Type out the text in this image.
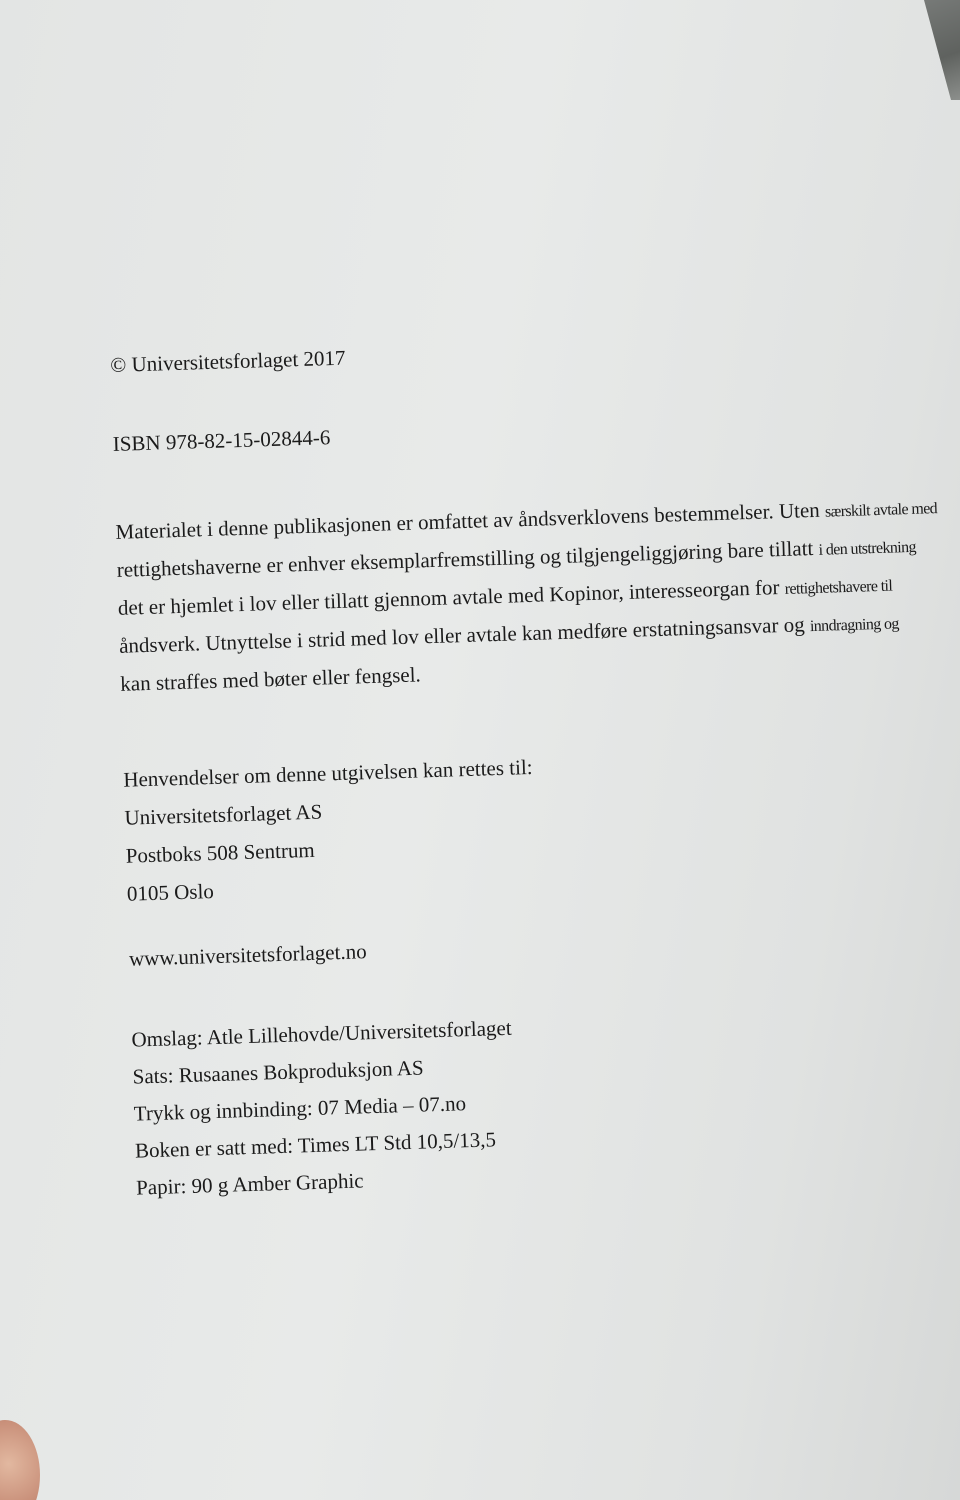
© Universitetsforlaget 2017
ISBN 978-82-15-02844-6
Materialet i denne publikasjonen er omfattet av åndsverklovens bestemmelser. Uten særskilt avtale med
rettighetshaverne er enhver eksemplarfremstilling og tilgjengeliggjøring bare tillatt i den utstrekning
det er hjemlet i lov eller tillatt gjennom avtale med Kopinor, interesseorgan for rettighetshavere til
åndsverk. Utnyttelse i strid med lov eller avtale kan medføre erstatningsansvar og inndragning og
kan straffes med bøter eller fengsel.
Henvendelser om denne utgivelsen kan rettes til:
Universitetsforlaget AS
Postboks 508 Sentrum
0105 Oslo
www.universitetsforlaget.no
Omslag: Atle Lillehovde/Universitetsforlaget
Sats: Rusaanes Bokproduksjon AS
Trykk og innbinding: 07 Media – 07.no
Boken er satt med: Times LT Std 10,5/13,5
Papir: 90 g Amber Graphic
